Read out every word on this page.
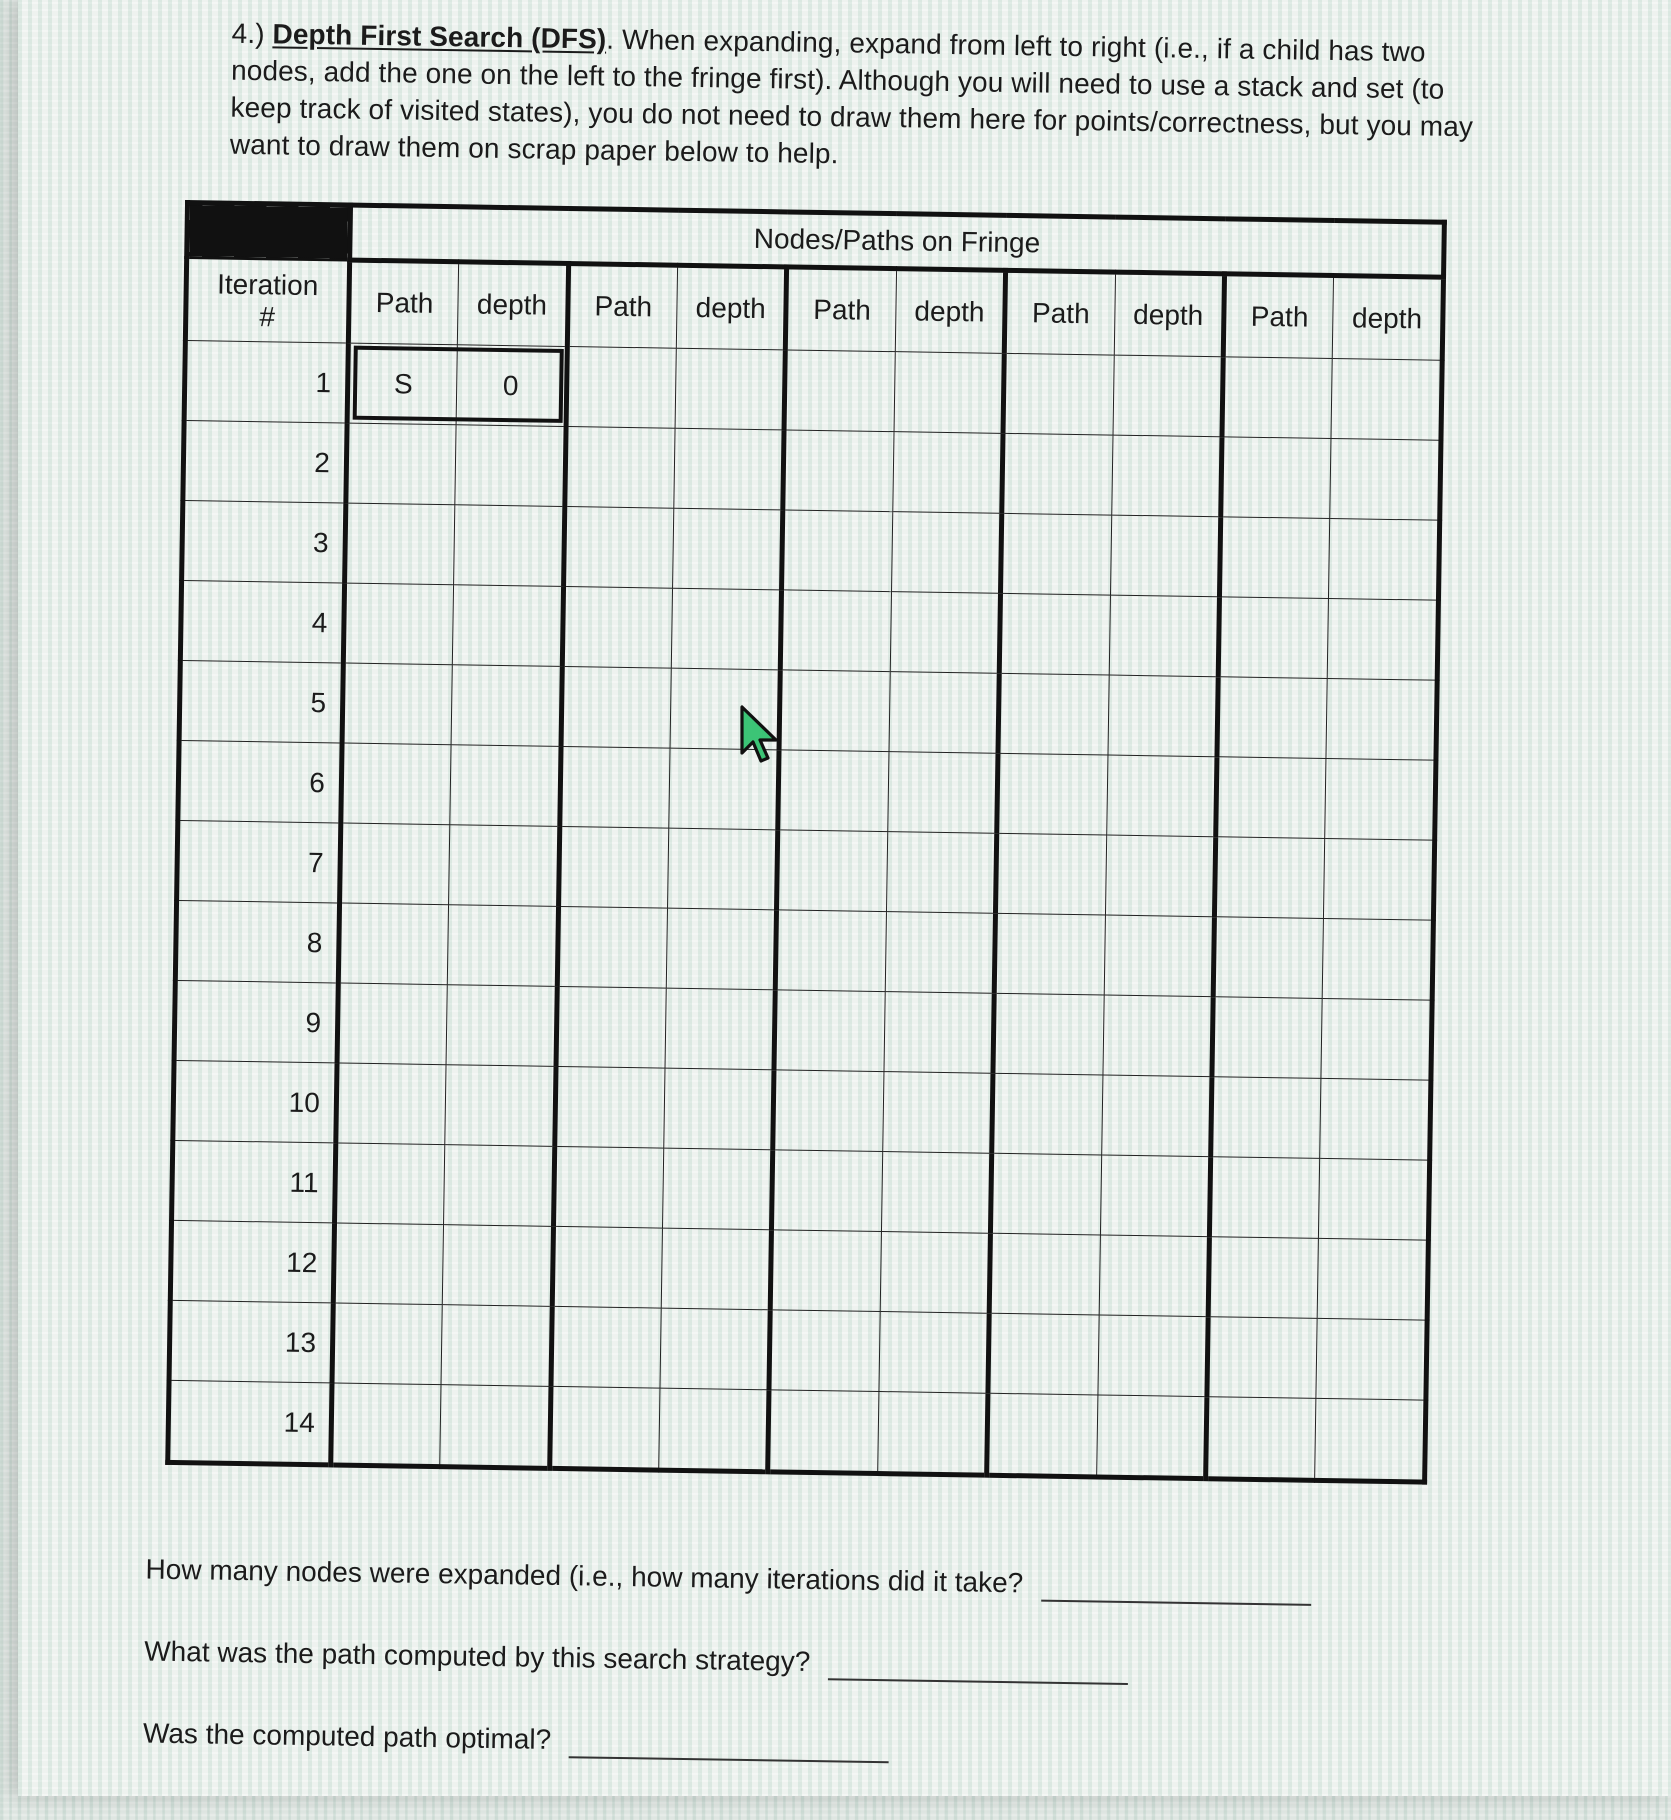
4.) Depth First Search (DFS). When expanding, expand from left to right (i.e., if a child has two nodes, add the one on the left to the fringe first). Although you will need to use a stack and set (to keep track of visited states), you do not need to draw them here for points/correctness, but you may want to draw them on scrap paper below to help.

	Nodes/Paths on Fringe									
Iteration
#	Path	depth	Path	depth	Path	depth	Path	depth	Path	depth
1	S	0								
2										
3										
4										
5										
6										
7										
8										
9										
10										
11										
12										
13										
14										
How many nodes were expanded (i.e., how many iterations did it take?
What was the path computed by this search strategy?
Was the computed path optimal?
